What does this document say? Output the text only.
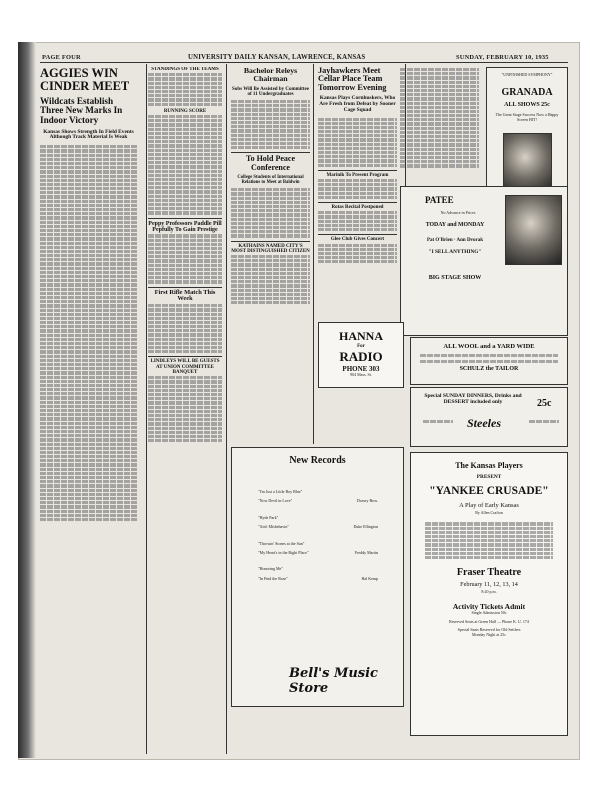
PAGE FOUR	UNIVERSITY DAILY KANSAN, LAWRENCE, KANSAS	SUNDAY, FEBRUARY 10, 1935
AGGIES WIN CINDER MEET
Wildcats Establish Three New Marks In Indoor Victory
Kansas Shows Strength In Field Events Although Track Material Is Weak
STANDINGS OF THE TEAMS
RUNNING SCORE
Peppy Professors Paddle Pill Pepfully To Gain Prestige
First Rifle Match This Week
LINDLEYS WILL BE GUESTS AT UNION COMMITTEE BANQUET
Bachelor Releys Chairman
Sobs Will Be Assisted by Committee of 11 Undergraduates
To Hold Peace Conference
College Students of International Relations to Meet at Baldwin
KATHAINS NAMED CITY'S MOST DISTINGUISHED CITIZEN
Jayhawkers Meet Cellar Place Team Tomorrow Evening
Kansas Plays Cornhuskers, Who Are Fresh from Defeat by Sooner Cage Squad
Marinik To Present Program
Rotas Recital Postponed
Glee Club Gives Concert
"UNFINISHED SYMPHONY"
GRANADA
ALL SHOWS 25c
The Great Stage Success Now a Happy Screen HIT!
PATEE
No Advance in Prices
TODAY and MONDAY
Pat O'Brien · Ann Dvorak
"I SELL ANYTHING"
BIG STAGE SHOW
HANNA
For
RADIO
PHONE 303
904 Mass. St.
ALL WOOL and a YARD WIDE
SCHULZ the TAILOR
Special SUNDAY DINNERS, Drinks and DESSERT included only	25c
Steeles
New Records
"I'm Just a Little Boy Blue"
"Now Devil in Love"	Dorsey Bros.
"Hyde Park"
"Ain't Misbehavin"	Duke Ellington
"Throwin' Stones at the Sun"
"My Heart's in the Right Place"	Freddy Martin
"Honoring Me"
"In Find the Rose"	Hal Kemp
Bell's Music Store
The Kansas Players
PRESENT
"YANKEE CRUSADE"
A Play of Early Kansas
By Allen Crafton
Fraser Theatre
February 11, 12, 13, 14
8:20 p.m.
Activity Tickets Admit
Single Admission 50c
Reserved Seats at Green Hall — Phone K. U. 174
Special Seats Reserved for Old Settlers
Monday Night at 25c
